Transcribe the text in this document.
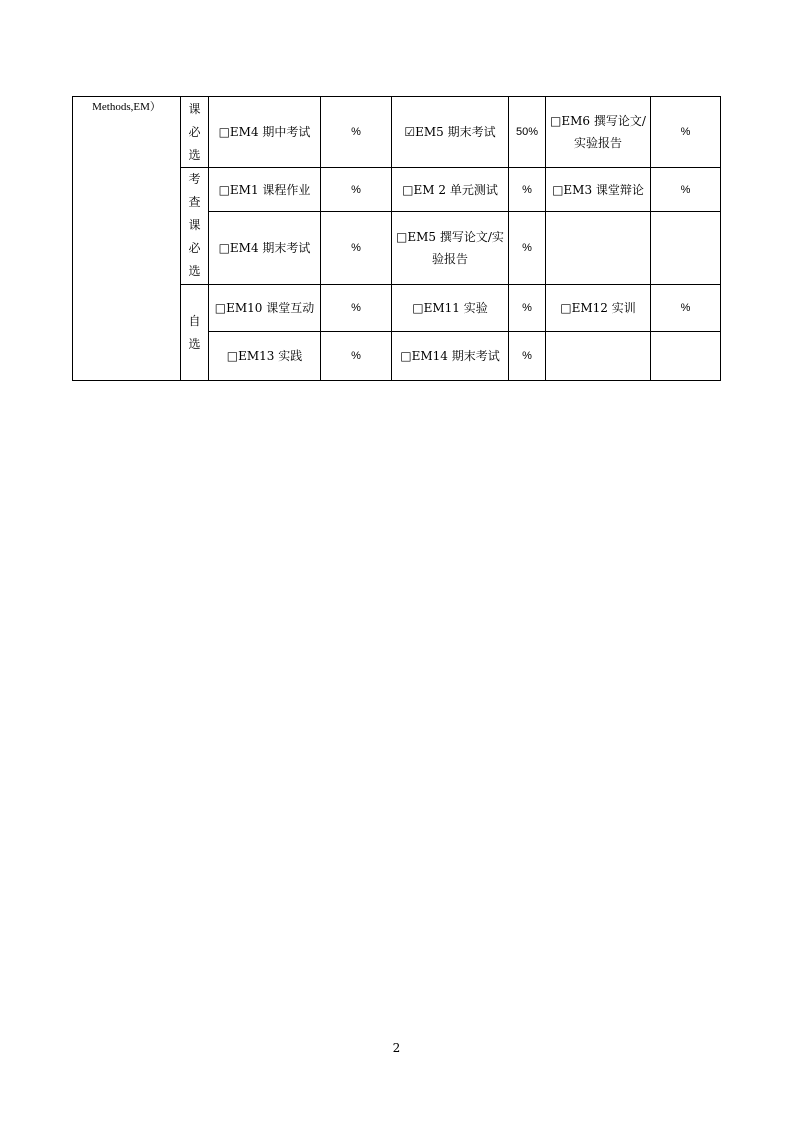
Methods,EM）	课
必
选	□EM4 期中考试	%	☑EM5 期末考试	50%	□EM6 撰写论文/实验报告	%

	考
查
课
必
选	□EM1 课程作业	%	□EM 2 单元测试	%	□EM3 课堂辩论	%
		□EM4 期末考试	%	□EM5 撰写论文/实验报告	%		

	自
选	□EM10 课堂互动	%	□EM11 实验	%	□EM12 实训	%
		□EM13 实践	%	□EM14 期末考试	%		
2
